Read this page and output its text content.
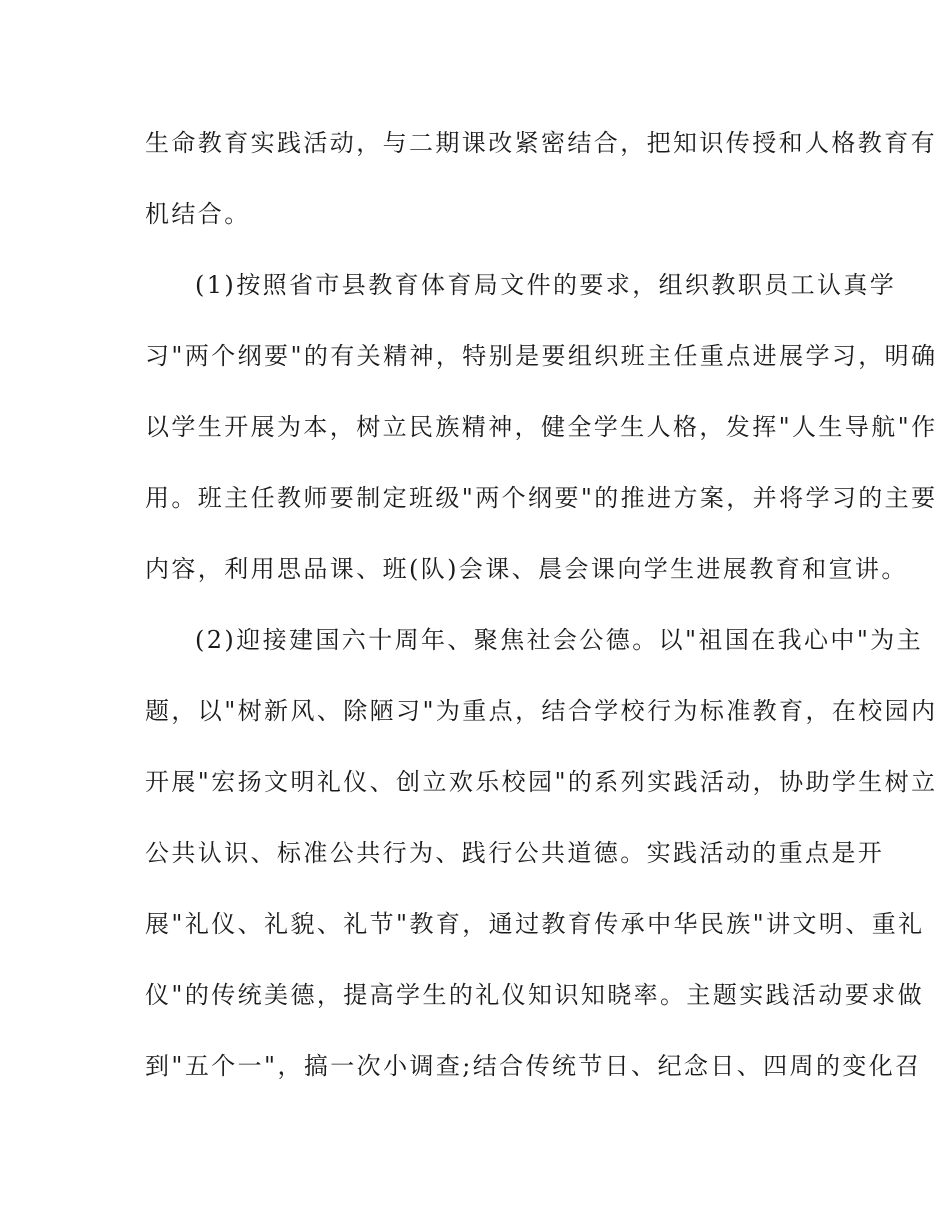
生命教育实践活动，与二期课改紧密结合，把知识传授和人格教育有
机结合。
(1)按照省市县教育体育局文件的要求，组织教职员工认真学
习"两个纲要"的有关精神，特别是要组织班主任重点进展学习，明确
以学生开展为本，树立民族精神，健全学生人格，发挥"人生导航"作
用。班主任教师要制定班级"两个纲要"的推进方案，并将学习的主要
内容，利用思品课、班(队)会课、晨会课向学生进展教育和宣讲。
(2)迎接建国六十周年、聚焦社会公德。以"祖国在我心中"为主
题，以"树新风、除陋习"为重点，结合学校行为标准教育，在校园内
开展"宏扬文明礼仪、创立欢乐校园"的系列实践活动，协助学生树立
公共认识、标准公共行为、践行公共道德。实践活动的重点是开
展"礼仪、礼貌、礼节"教育，通过教育传承中华民族"讲文明、重礼
仪"的传统美德，提高学生的礼仪知识知晓率。主题实践活动要求做
到"五个一"，搞一次小调查;结合传统节日、纪念日、四周的变化召
